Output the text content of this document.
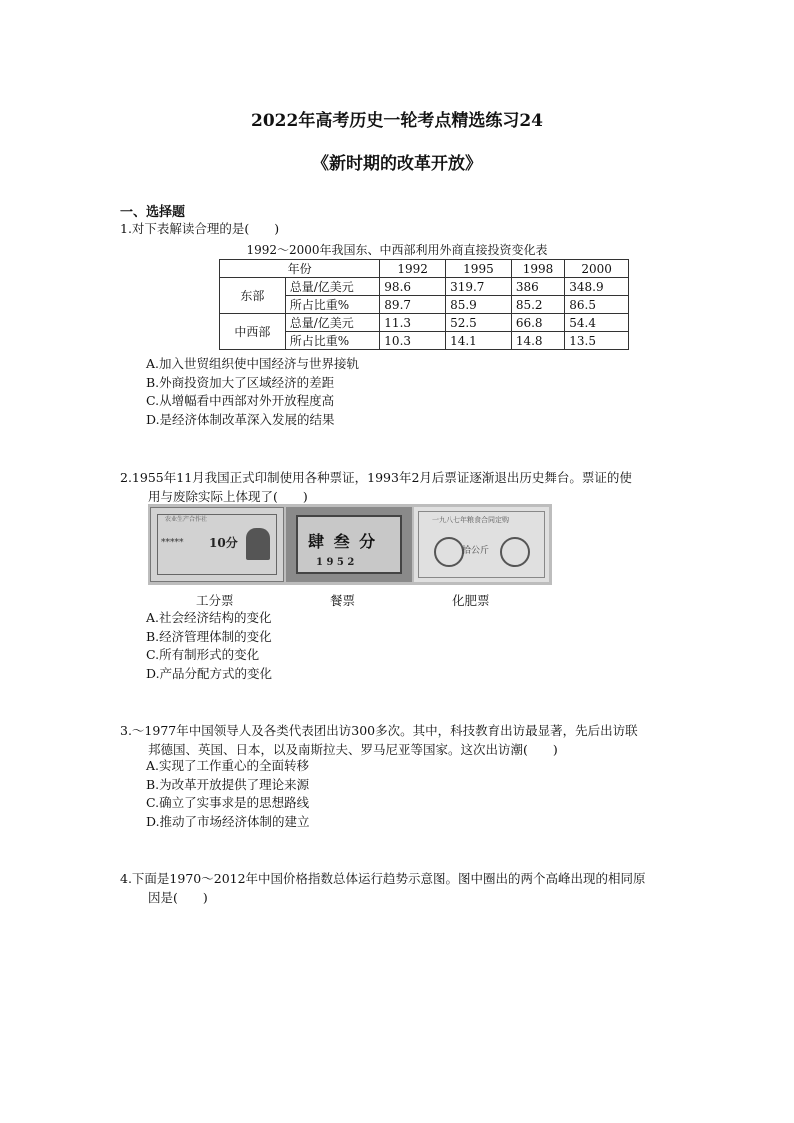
2022年高考历史一轮考点精选练习24
《新时期的改革开放》
一、选择题
1.对下表解读合理的是(　　)
1992～2000年我国东、中西部利用外商直接投资变化表
年份		1992	1995	1998	2000
东部	总量/亿美元	98.6	319.7	386	348.9
	所占比重%	89.7	85.9	85.2	86.5
中西部	总量/亿美元	11.3	52.5	66.8	54.4
	所占比重%	10.3	14.1	14.8	13.5
A.加入世贸组织使中国经济与世界接轨
B.外商投资加大了区域经济的差距
C.从增幅看中西部对外开放程度高
D.是经济体制改革深入发展的结果
2.1955年11月我国正式印制使用各种票证，1993年2月后票证逐渐退出历史舞台。票证的使
用与废除实际上体现了(　　)
农业生产合作社
***** 10分	肆 叁 分
1 9 5 2
一九八七年粮食合同定购
拾公斤
工分票	餐票	化肥票
A.社会经济结构的变化
B.经济管理体制的变化
C.所有制形式的变化
D.产品分配方式的变化
3.～1977年中国领导人及各类代表团出访300多次。其中，科技教育出访最显著，先后出访联
邦德国、英国、日本，以及南斯拉夫、罗马尼亚等国家。这次出访潮(　　)
A.实现了工作重心的全面转移
B.为改革开放提供了理论来源
C.确立了实事求是的思想路线
D.推动了市场经济体制的建立
4.下面是1970～2012年中国价格指数总体运行趋势示意图。图中圈出的两个高峰出现的相同原
因是(　　)
